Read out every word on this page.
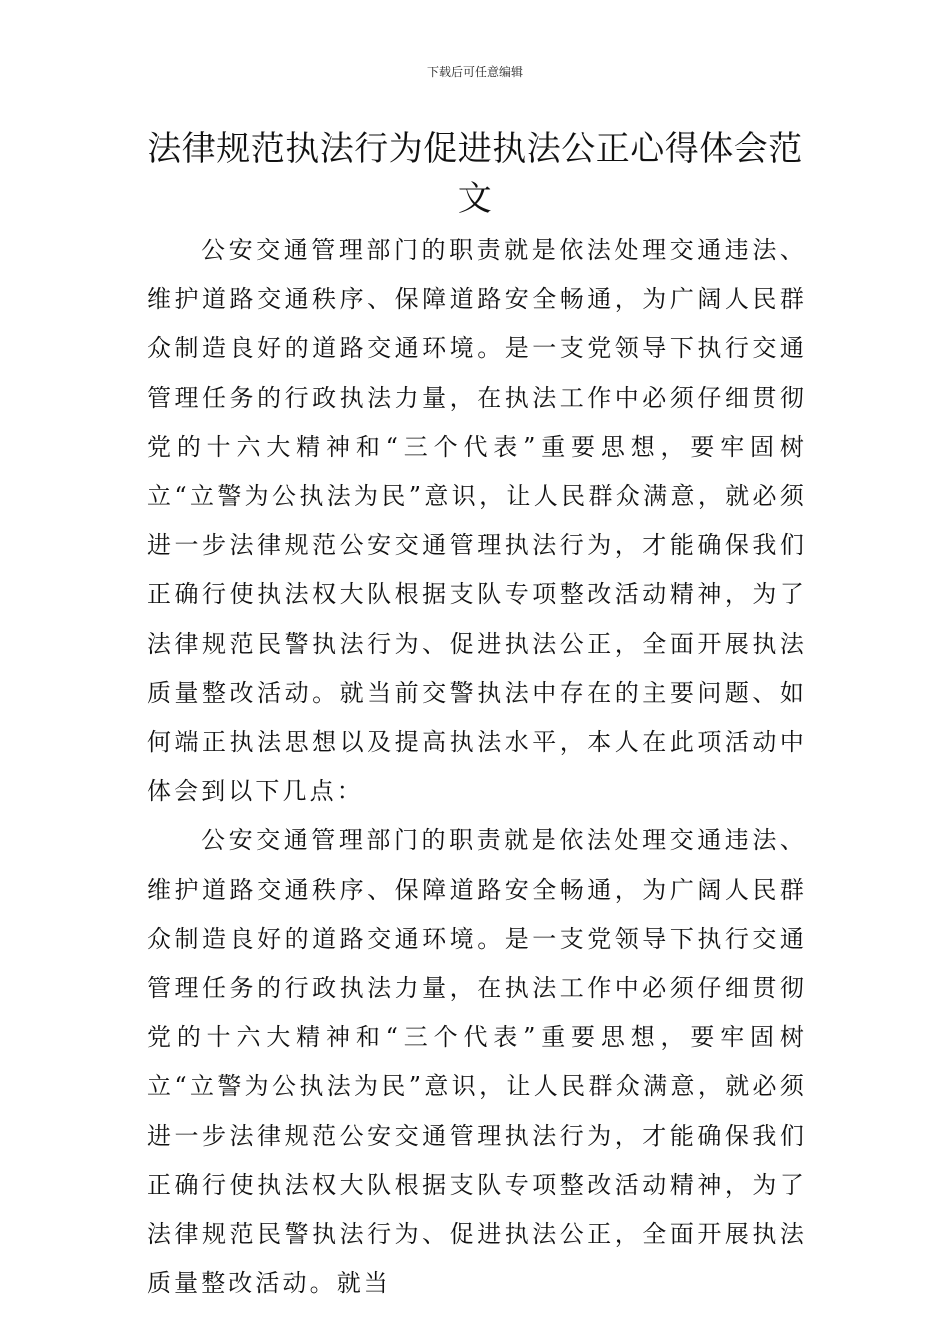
下载后可任意编辑
法律规范执法行为促进执法公正心得体会范文

公安交通管理部门的职责就是依法处理交通违法、维护道路交通秩序、保障道路安全畅通，为广阔人民群众制造良好的道路交通环境。是一支党领导下执行交通管理任务的行政执法力量，在执法工作中必须仔细贯彻党的十六大精神和“三个代表”重要思想，要牢固树立“立警为公执法为民”意识，让人民群众满意，就必须进一步法律规范公安交通管理执法行为，才能确保我们正确行使执法权大队根据支队专项整改活动精神，为了法律规范民警执法行为、促进执法公正，全面开展执法质量整改活动。就当前交警执法中存在的主要问题、如何端正执法思想以及提高执法水平，本人在此项活动中体会到以下几点：

公安交通管理部门的职责就是依法处理交通违法、维护道路交通秩序、保障道路安全畅通，为广阔人民群众制造良好的道路交通环境。是一支党领导下执行交通管理任务的行政执法力量，在执法工作中必须仔细贯彻党的十六大精神和“三个代表”重要思想，要牢固树立“立警为公执法为民”意识，让人民群众满意，就必须进一步法律规范公安交通管理执法行为，才能确保我们正确行使执法权大队根据支队专项整改活动精神，为了法律规范民警执法行为、促进执法公正，全面开展执法质量整改活动。就当
